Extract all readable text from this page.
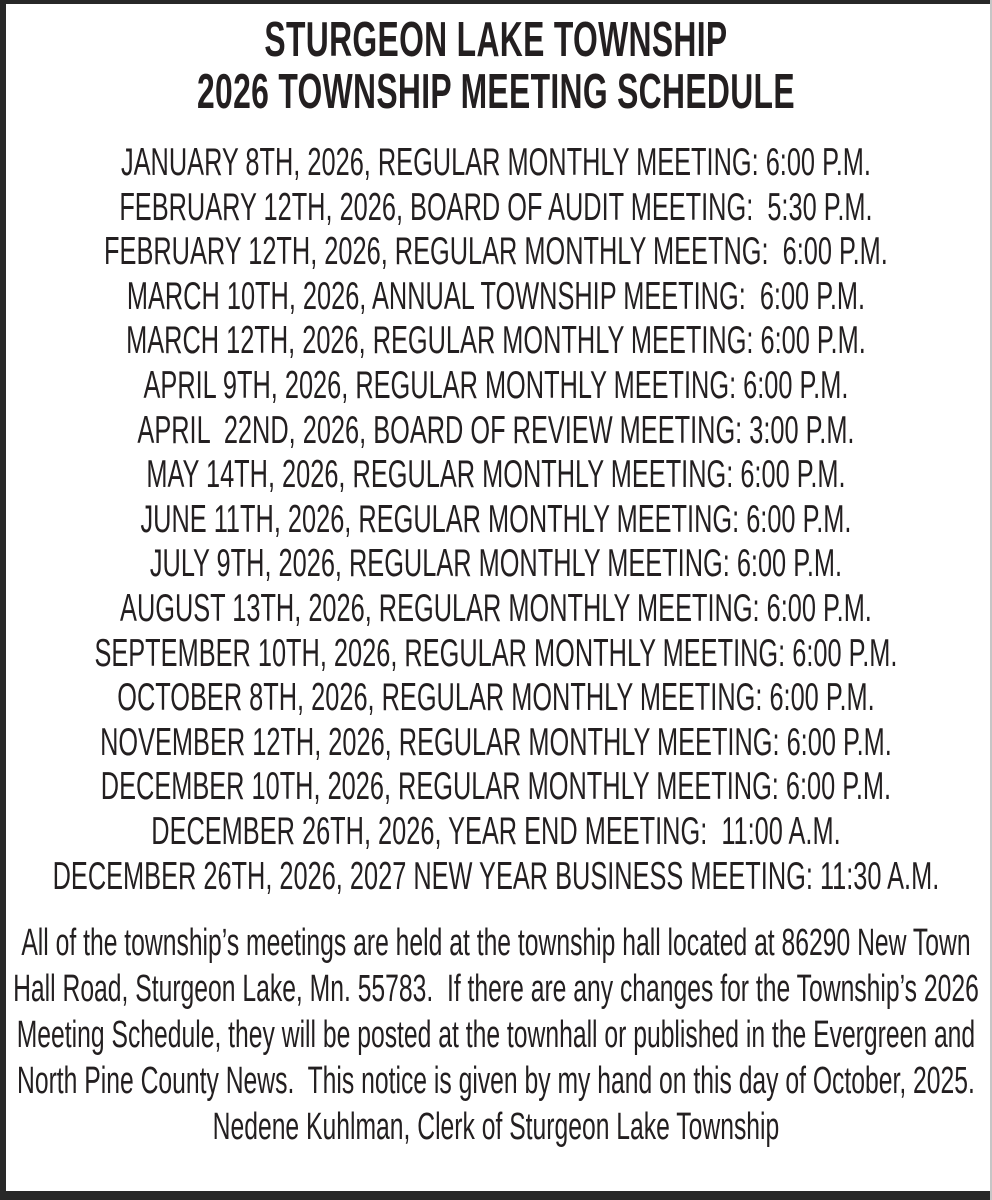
STURGEON LAKE TOWNSHIP
2026 TOWNSHIP MEETING SCHEDULE
JANUARY 8TH, 2026, REGULAR MONTHLY MEETING: 6:00 P.M.
FEBRUARY 12TH, 2026, BOARD OF AUDIT MEETING:  5:30 P.M.
FEBRUARY 12TH, 2026, REGULAR MONTHLY MEETNG:  6:00 P.M.
MARCH 10TH, 2026, ANNUAL TOWNSHIP MEETING:  6:00 P.M.
MARCH 12TH, 2026, REGULAR MONTHLY MEETING: 6:00 P.M.
APRIL 9TH, 2026, REGULAR MONTHLY MEETING: 6:00 P.M.
APRIL  22ND, 2026, BOARD OF REVIEW MEETING: 3:00 P.M.
MAY 14TH, 2026, REGULAR MONTHLY MEETING: 6:00 P.M.
JUNE 11TH, 2026, REGULAR MONTHLY MEETING: 6:00 P.M.
JULY 9TH, 2026, REGULAR MONTHLY MEETING: 6:00 P.M.
AUGUST 13TH, 2026, REGULAR MONTHLY MEETING: 6:00 P.M.
SEPTEMBER 10TH, 2026, REGULAR MONTHLY MEETING: 6:00 P.M.
OCTOBER 8TH, 2026, REGULAR MONTHLY MEETING: 6:00 P.M.
NOVEMBER 12TH, 2026, REGULAR MONTHLY MEETING: 6:00 P.M.
DECEMBER 10TH, 2026, REGULAR MONTHLY MEETING: 6:00 P.M.
DECEMBER 26TH, 2026, YEAR END MEETING:  11:00 A.M.
DECEMBER 26TH, 2026, 2027 NEW YEAR BUSINESS MEETING: 11:30 A.M.
All of the township’s meetings are held at the township hall located at 86290 New Town Hall Road, Sturgeon Lake, Mn. 55783.  If there are any changes for the Township’s 2026 Meeting Schedule, they will be posted at the townhall or published in the Evergreen and North Pine County News.  This notice is given by my hand on this day of October, 2025.
Nedene Kuhlman, Clerk of Sturgeon Lake Township
